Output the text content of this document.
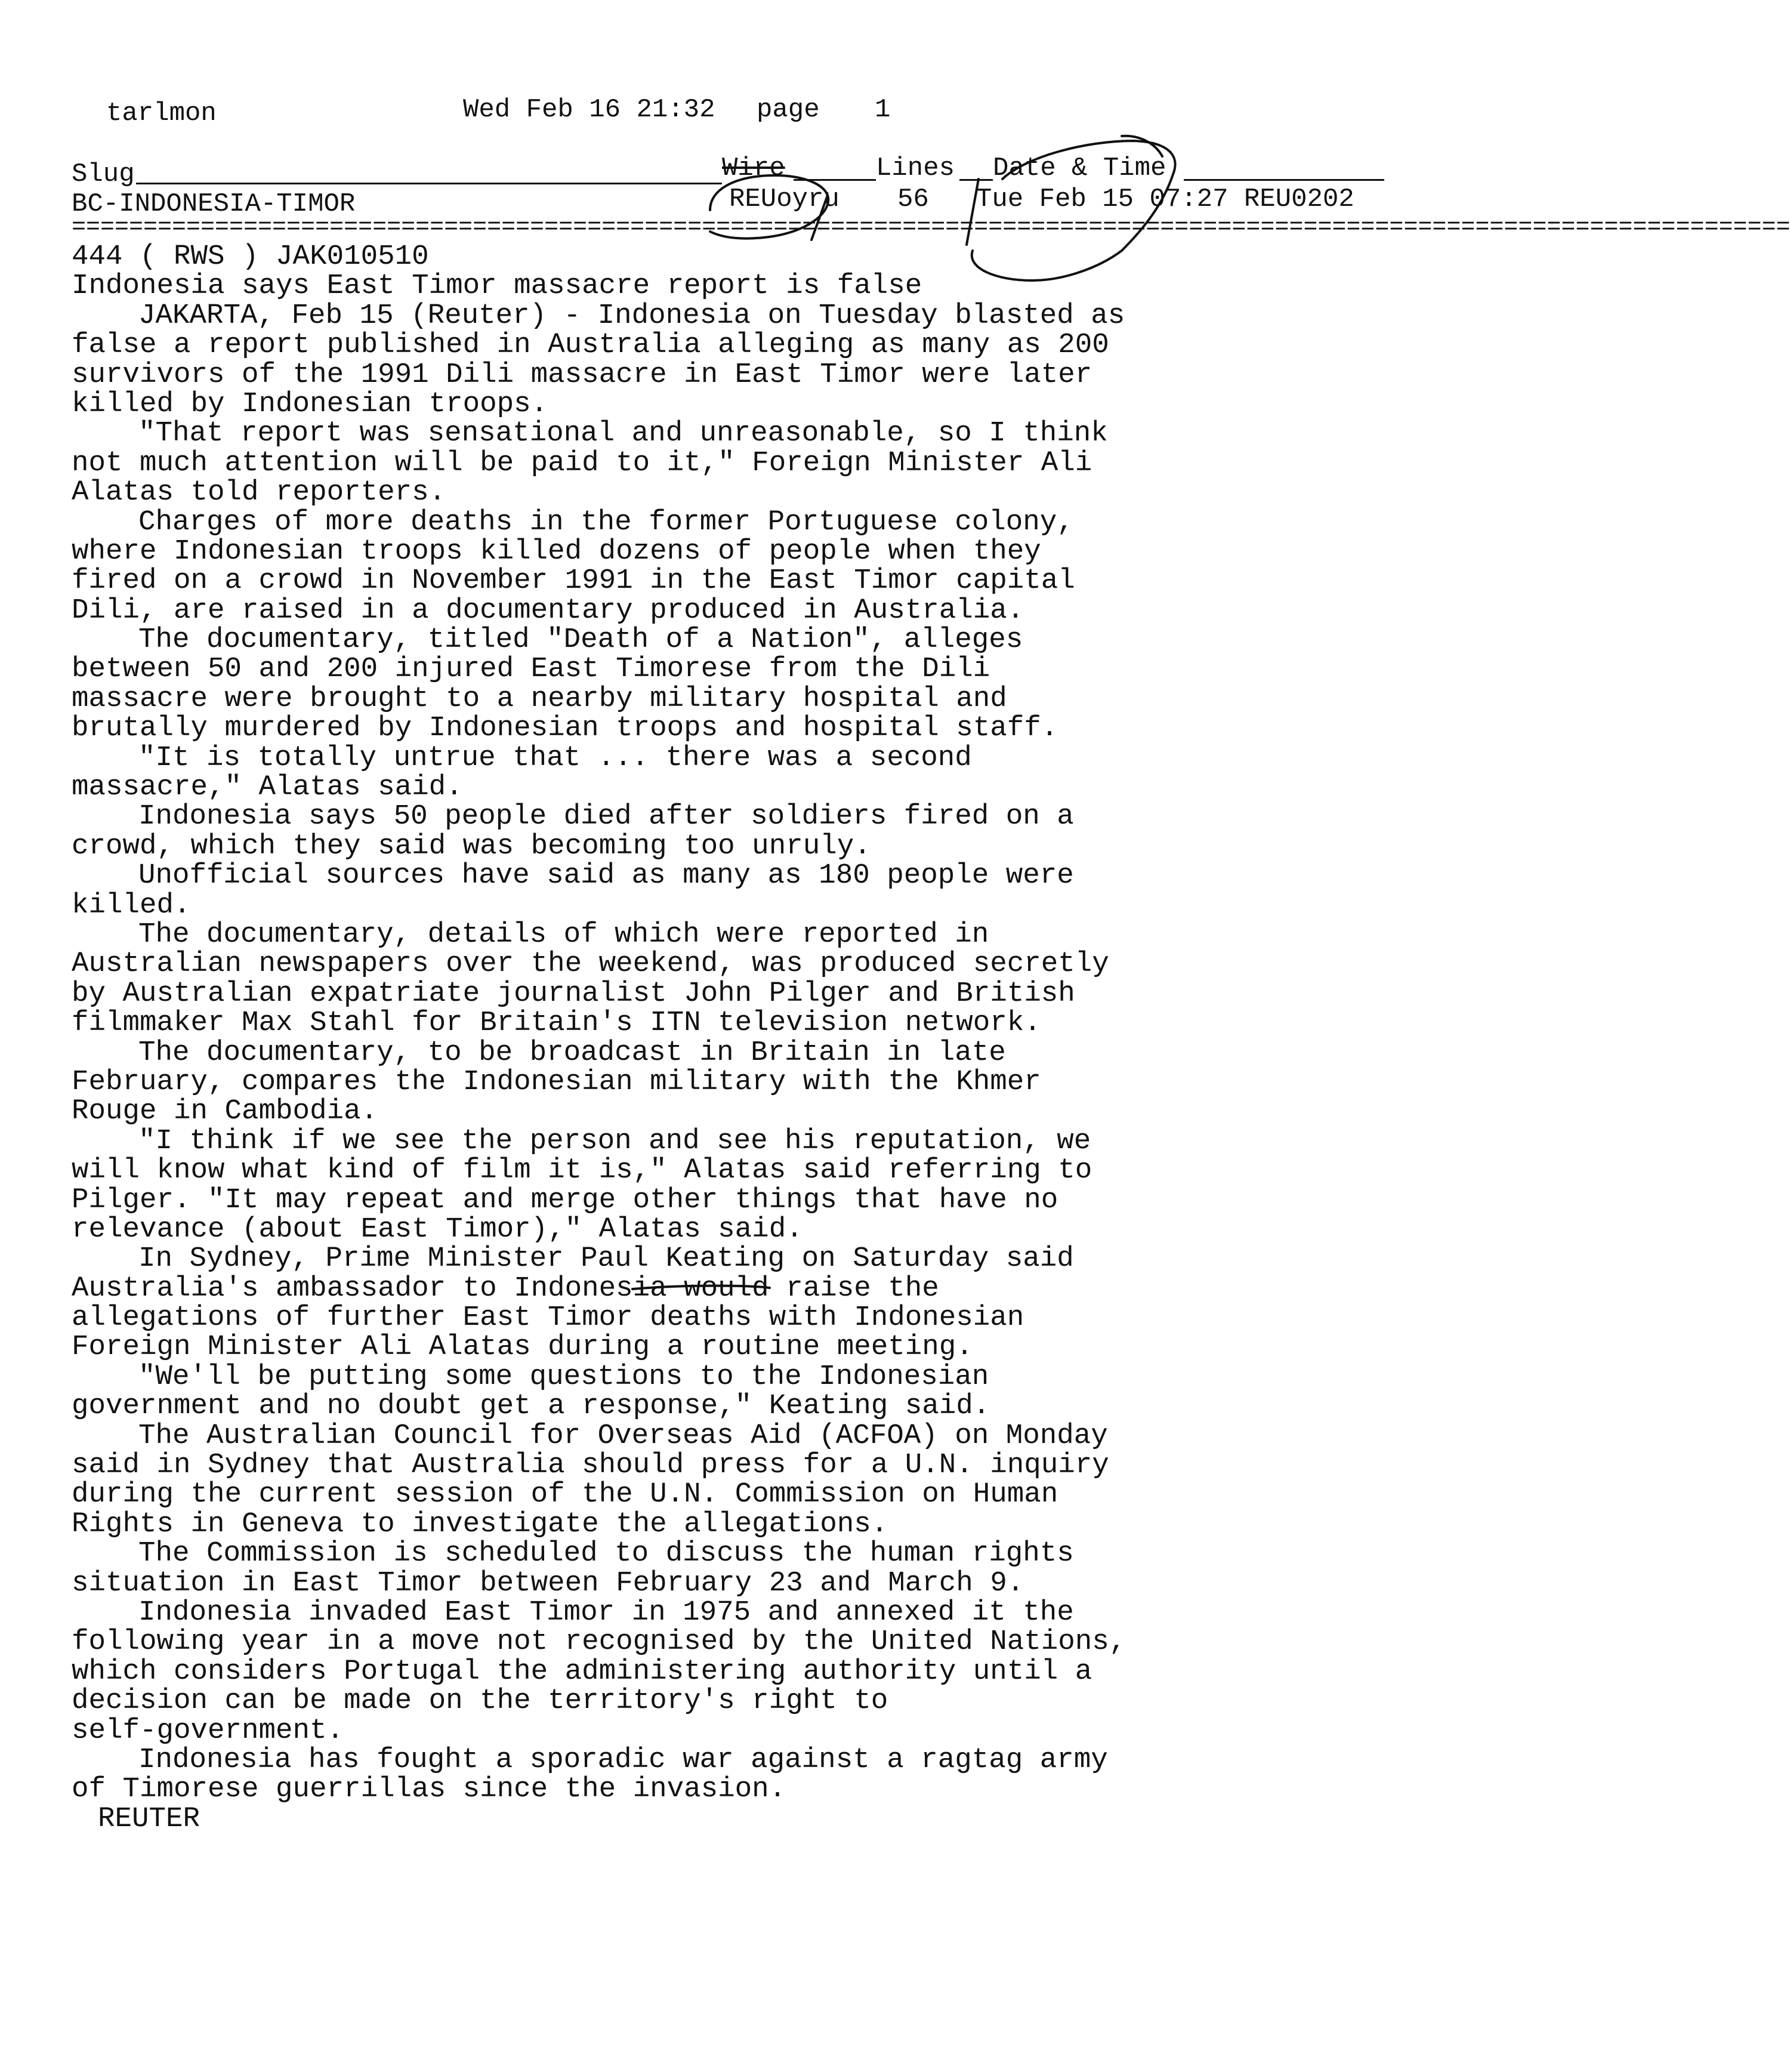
tarlmon	Wed Feb 16 21:32 page 1
Slug	Wire	Lines Date & Time
BC-INDONESIA-TIMOR	REUoyru 56 Tue Feb 15 07:27 REU0202
========================================================================================================================
444 ( RWS ) JAK010510
Indonesia says East Timor massacre report is false
JAKARTA, Feb 15 (Reuter) - Indonesia on Tuesday blasted as
false a report published in Australia alleging as many as 200
survivors of the 1991 Dili massacre in East Timor were later
killed by Indonesian troops.
"That report was sensational and unreasonable, so I think
not much attention will be paid to it," Foreign Minister Ali
Alatas told reporters.
Charges of more deaths in the former Portuguese colony,
where Indonesian troops killed dozens of people when they
fired on a crowd in November 1991 in the East Timor capital
Dili, are raised in a documentary produced in Australia.
The documentary, titled "Death of a Nation", alleges
between 50 and 200 injured East Timorese from the Dili
massacre were brought to a nearby military hospital and
brutally murdered by Indonesian troops and hospital staff.
"It is totally untrue that ... there was a second
massacre," Alatas said.
Indonesia says 50 people died after soldiers fired on a
crowd, which they said was becoming too unruly.
Unofficial sources have said as many as 180 people were
killed.
The documentary, details of which were reported in
Australian newspapers over the weekend, was produced secretly
by Australian expatriate journalist John Pilger and British
filmmaker Max Stahl for Britain's ITN television network.
The documentary, to be broadcast in Britain in late
February, compares the Indonesian military with the Khmer
Rouge in Cambodia.
"I think if we see the person and see his reputation, we
will know what kind of film it is," Alatas said referring to
Pilger. "It may repeat and merge other things that have no
relevance (about East Timor)," Alatas said.
In Sydney, Prime Minister Paul Keating on Saturday said
Australia's ambassador to Indonesia would raise the
allegations of further East Timor deaths with Indonesian
Foreign Minister Ali Alatas during a routine meeting.
"We'll be putting some questions to the Indonesian
government and no doubt get a response," Keating said.
The Australian Council for Overseas Aid (ACFOA) on Monday
said in Sydney that Australia should press for a U.N. inquiry
during the current session of the U.N. Commission on Human
Rights in Geneva to investigate the allegations.
The Commission is scheduled to discuss the human rights
situation in East Timor between February 23 and March 9.
Indonesia invaded East Timor in 1975 and annexed it the
following year in a move not recognised by the United Nations,
which considers Portugal the administering authority until a
decision can be made on the territory's right to
self-government.
Indonesia has fought a sporadic war against a ragtag army
of Timorese guerrillas since the invasion.
REUTER
